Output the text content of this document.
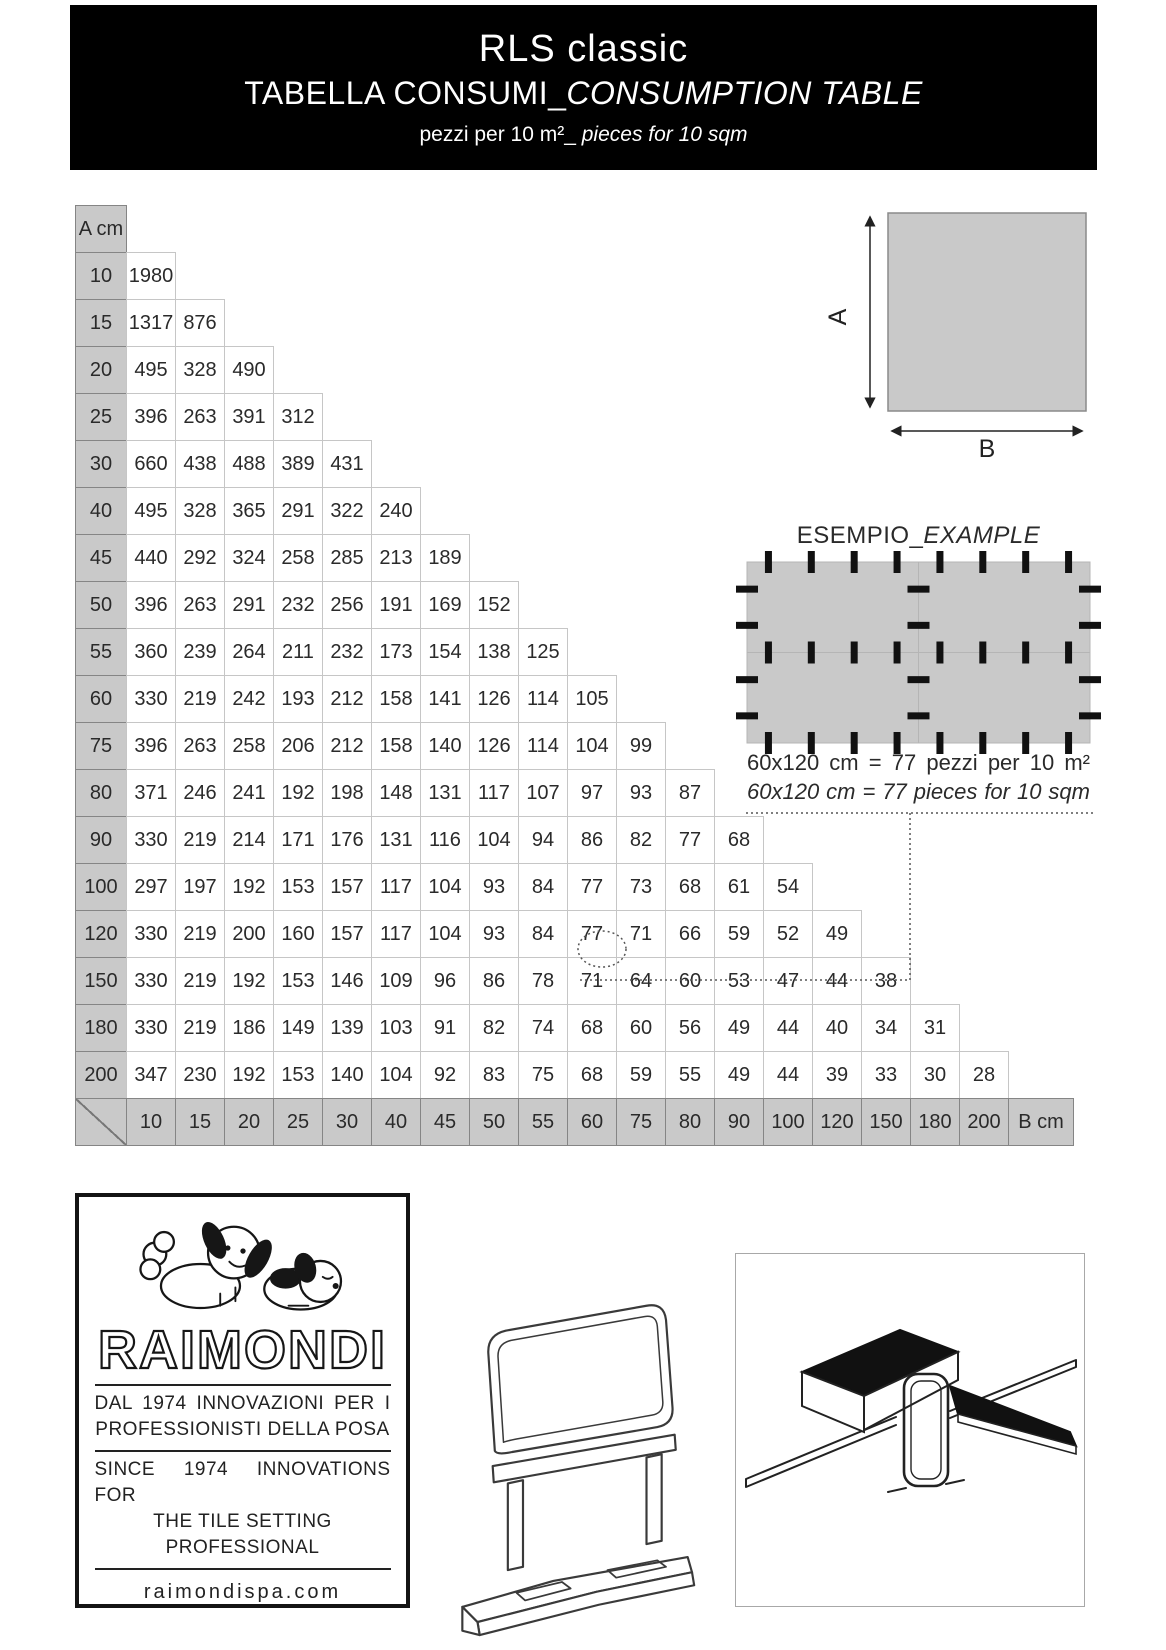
RLS classic
TABELLA CONSUMI_CONSUMPTION TABLE
pezzi per 10 m²_ pieces for 10 sqm
A cm
10 1980
15 1317 876
20	495 328 490
25	396 263 391 312
30	660 438 488 389 431
40	495 328 365 291 322 240
45	440 292 324 258 285 213 189
50	396 263 291 232 256 191 169 152
55	360 239 264 211 232 173 154 138 125
60	330 219 242 193 212 158 141 126 114 105
75	396 263 258 206 212 158 140 126 114 104	99
80	371 246 241 192 198 148 131 117 107	97	93	87
90	330 219 214 171 176 131 116 104	94	86	82	77	68
100 297 197 192 153 157 117 104	93	84	77	73	68	61	54
120 330 219 200 160 157 117 104	93	84	77	71	66	59	52	49
150 330 219 192 153 146 109	96	86	78	71	64	60	53	47	44	38
180 330 219 186 149 139 103	91	82	74	68	60	56	49	44	40	34	31
200 347 230 192 153 140 104	92	83	75	68	59	55	49	44	39	33	30	28
10	15	20	25	30	40	45	50	55	60	75	80	90	100 120 150 180 200 B cm
A
B
ESEMPIO_EXAMPLE
60x120 cm = 77 pezzi per 10 m²
60x120 cm = 77 pieces for 10 sqm
RAIMONDI
DAL 1974 INNOVAZIONI PER I
PROFESSIONISTI DELLA POSA
SINCE 1974 INNOVATIONS FOR
THE TILE SETTING PROFESSIONAL
raimondispa.com
